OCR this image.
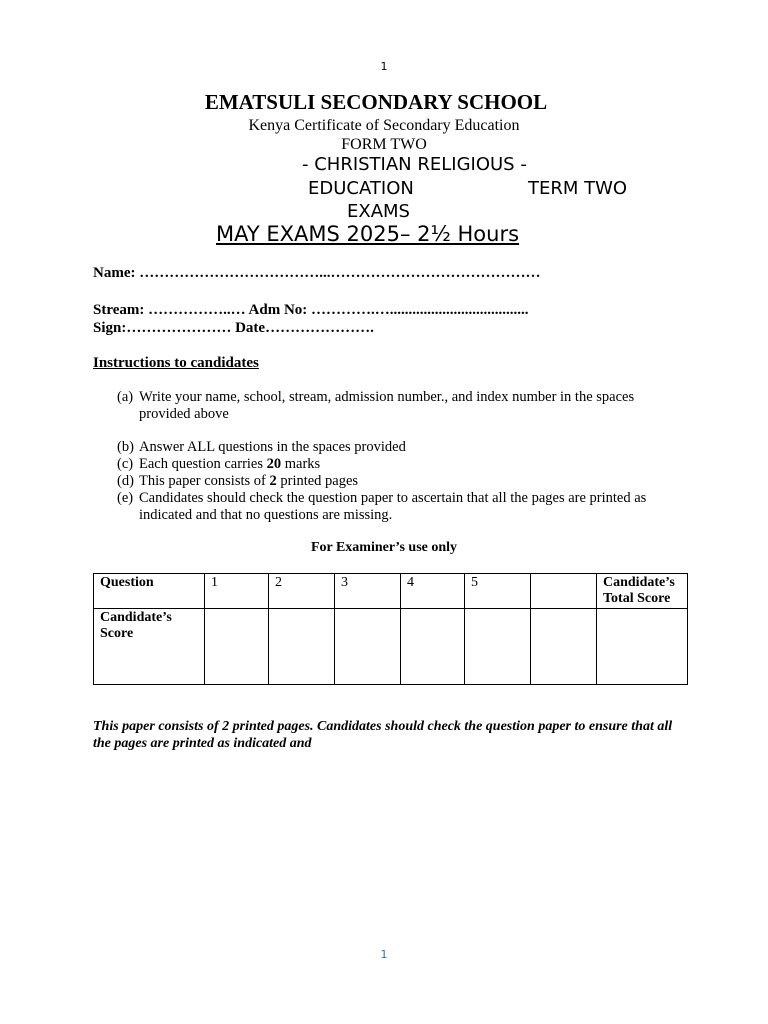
1
EMATSULI SECONDARY SCHOOL
Kenya Certificate of Secondary Education
FORM TWO
- CHRISTIAN RELIGIOUS -
EDUCATION	TERM TWO
EXAMS
MAY EXAMS 2025– 2½ Hours
Name: ………………………………...……………………………………
Stream: ……………..… Adm No: ………….….....................................
Sign:………………… Date………………….
Instructions to candidates
(a) Write your name, school, stream, admission number., and index number in the spaces provided above
(b) Answer ALL questions in the spaces provided
(c) Each question carries 20 marks
(d) This paper consists of 2 printed pages
(e) Candidates should check the question paper to ascertain that all the pages are printed as indicated and that no questions are missing.
For Examiner’s use only
Question	1	2	3	4	5		Candidate’s Total Score
Candidate’s Score							
This paper consists of 2 printed pages. Candidates should check the question paper to ensure that all the pages are printed as indicated and
1
